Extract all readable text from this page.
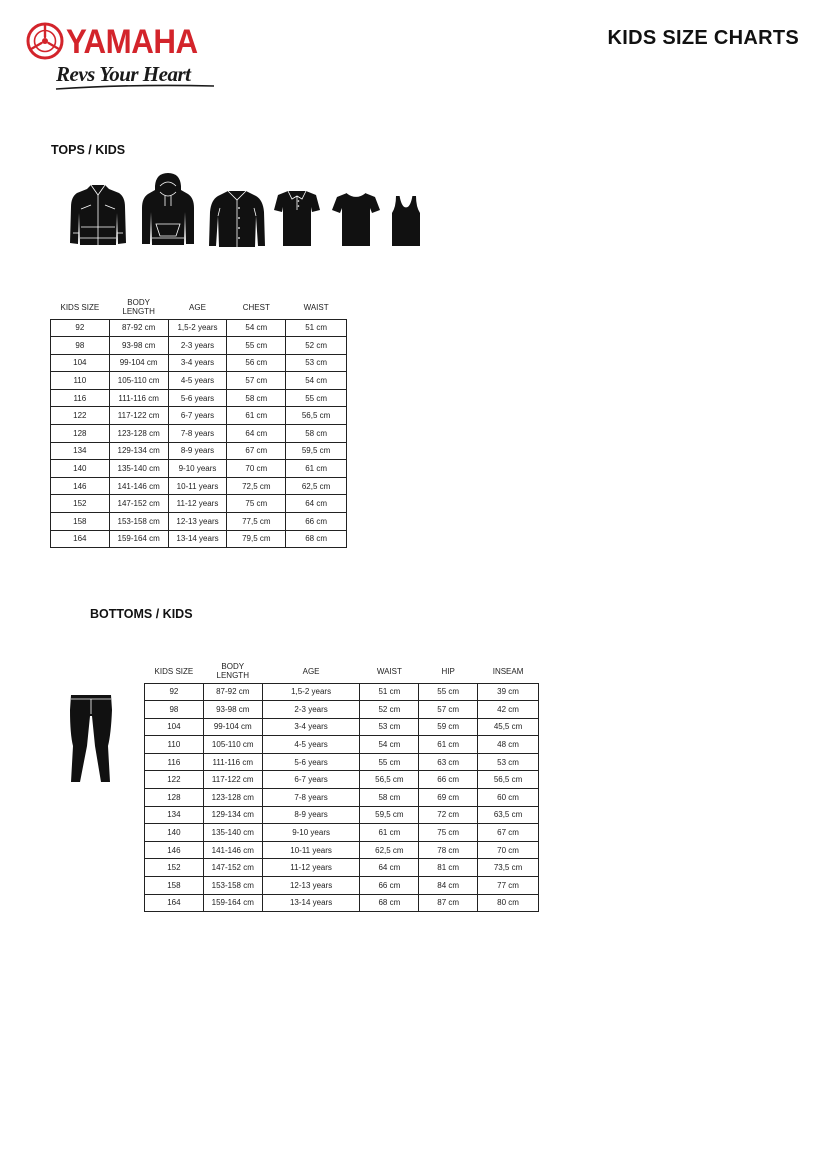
YAMAHA
Revs Your Heart
KIDS SIZE CHARTS
TOPS / KIDS
KIDS SIZE	BODY LENGTH	AGE	CHEST	WAIST
92	87-92 cm	1,5-2 years	54 cm	51 cm
98	93-98 cm	2-3 years	55 cm	52 cm
104	99-104 cm	3-4 years	56 cm	53 cm
110	105-110 cm	4-5 years	57 cm	54 cm
116	111-116 cm	5-6 years	58 cm	55 cm
122	117-122 cm	6-7 years	61 cm	56,5 cm
128	123-128 cm	7-8 years	64 cm	58 cm
134	129-134 cm	8-9 years	67 cm	59,5 cm
140	135-140 cm	9-10 years	70 cm	61 cm
146	141-146 cm	10-11 years	72,5 cm	62,5 cm
152	147-152 cm	11-12 years	75 cm	64 cm
158	153-158 cm	12-13 years	77,5 cm	66 cm
164	159-164 cm	13-14 years	79,5 cm	68 cm
BOTTOMS / KIDS
KIDS SIZE	BODY LENGTH	AGE	WAIST	HIP	INSEAM
92	87-92 cm	1,5-2 years	51 cm	55 cm	39 cm
98	93-98 cm	2-3 years	52 cm	57 cm	42 cm
104	99-104 cm	3-4 years	53 cm	59 cm	45,5 cm
110	105-110 cm	4-5 years	54 cm	61 cm	48 cm
116	111-116 cm	5-6 years	55 cm	63 cm	53 cm
122	117-122 cm	6-7 years	56,5 cm	66 cm	56,5 cm
128	123-128 cm	7-8 years	58 cm	69 cm	60 cm
134	129-134 cm	8-9 years	59,5 cm	72 cm	63,5 cm
140	135-140 cm	9-10 years	61 cm	75 cm	67 cm
146	141-146 cm	10-11 years	62,5 cm	78 cm	70 cm
152	147-152 cm	11-12 years	64 cm	81 cm	73,5 cm
158	153-158 cm	12-13 years	66 cm	84 cm	77 cm
164	159-164 cm	13-14 years	68 cm	87 cm	80 cm
